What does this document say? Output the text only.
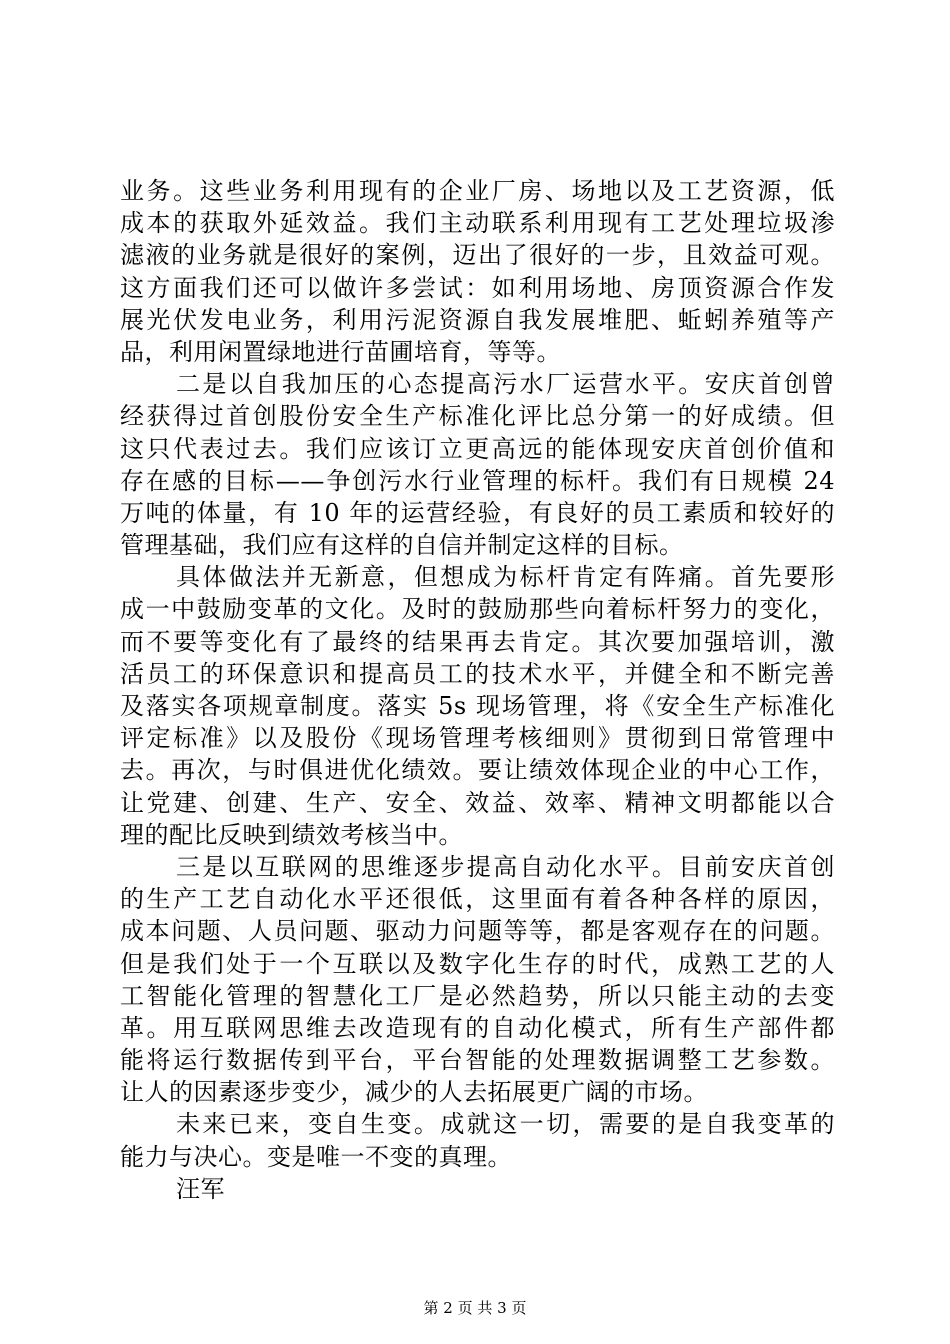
业务。这些业务利用现有的企业厂房、场地以及工艺资源，低
成本的获取外延效益。我们主动联系利用现有工艺处理垃圾渗
滤液的业务就是很好的案例，迈出了很好的一步，且效益可观。
这方面我们还可以做许多尝试：如利用场地、房顶资源合作发
展光伏发电业务，利用污泥资源自我发展堆肥、蚯蚓养殖等产
品，利用闲置绿地进行苗圃培育，等等。
二是以自我加压的心态提高污水厂运营水平。安庆首创曾
经获得过首创股份安全生产标准化评比总分第一的好成绩。但
这只代表过去。我们应该订立更高远的能体现安庆首创价值和
存在感的目标——争创污水行业管理的标杆。我们有日规模 24
万吨的体量，有 10 年的运营经验，有良好的员工素质和较好的
管理基础，我们应有这样的自信并制定这样的目标。
具体做法并无新意，但想成为标杆肯定有阵痛。首先要形
成一中鼓励变革的文化。及时的鼓励那些向着标杆努力的变化，
而不要等变化有了最终的结果再去肯定。其次要加强培训，激
活员工的环保意识和提高员工的技术水平，并健全和不断完善
及落实各项规章制度。落实 5s 现场管理，将《安全生产标准化
评定标准》以及股份《现场管理考核细则》贯彻到日常管理中
去。再次，与时俱进优化绩效。要让绩效体现企业的中心工作，
让党建、创建、生产、安全、效益、效率、精神文明都能以合
理的配比反映到绩效考核当中。
三是以互联网的思维逐步提高自动化水平。目前安庆首创
的生产工艺自动化水平还很低，这里面有着各种各样的原因，
成本问题、人员问题、驱动力问题等等，都是客观存在的问题。
但是我们处于一个互联以及数字化生存的时代，成熟工艺的人
工智能化管理的智慧化工厂是必然趋势，所以只能主动的去变
革。用互联网思维去改造现有的自动化模式，所有生产部件都
能将运行数据传到平台，平台智能的处理数据调整工艺参数。
让人的因素逐步变少，减少的人去拓展更广阔的市场。
未来已来，变自生变。成就这一切，需要的是自我变革的
能力与决心。变是唯一不变的真理。
汪军
第 2 页 共 3 页
